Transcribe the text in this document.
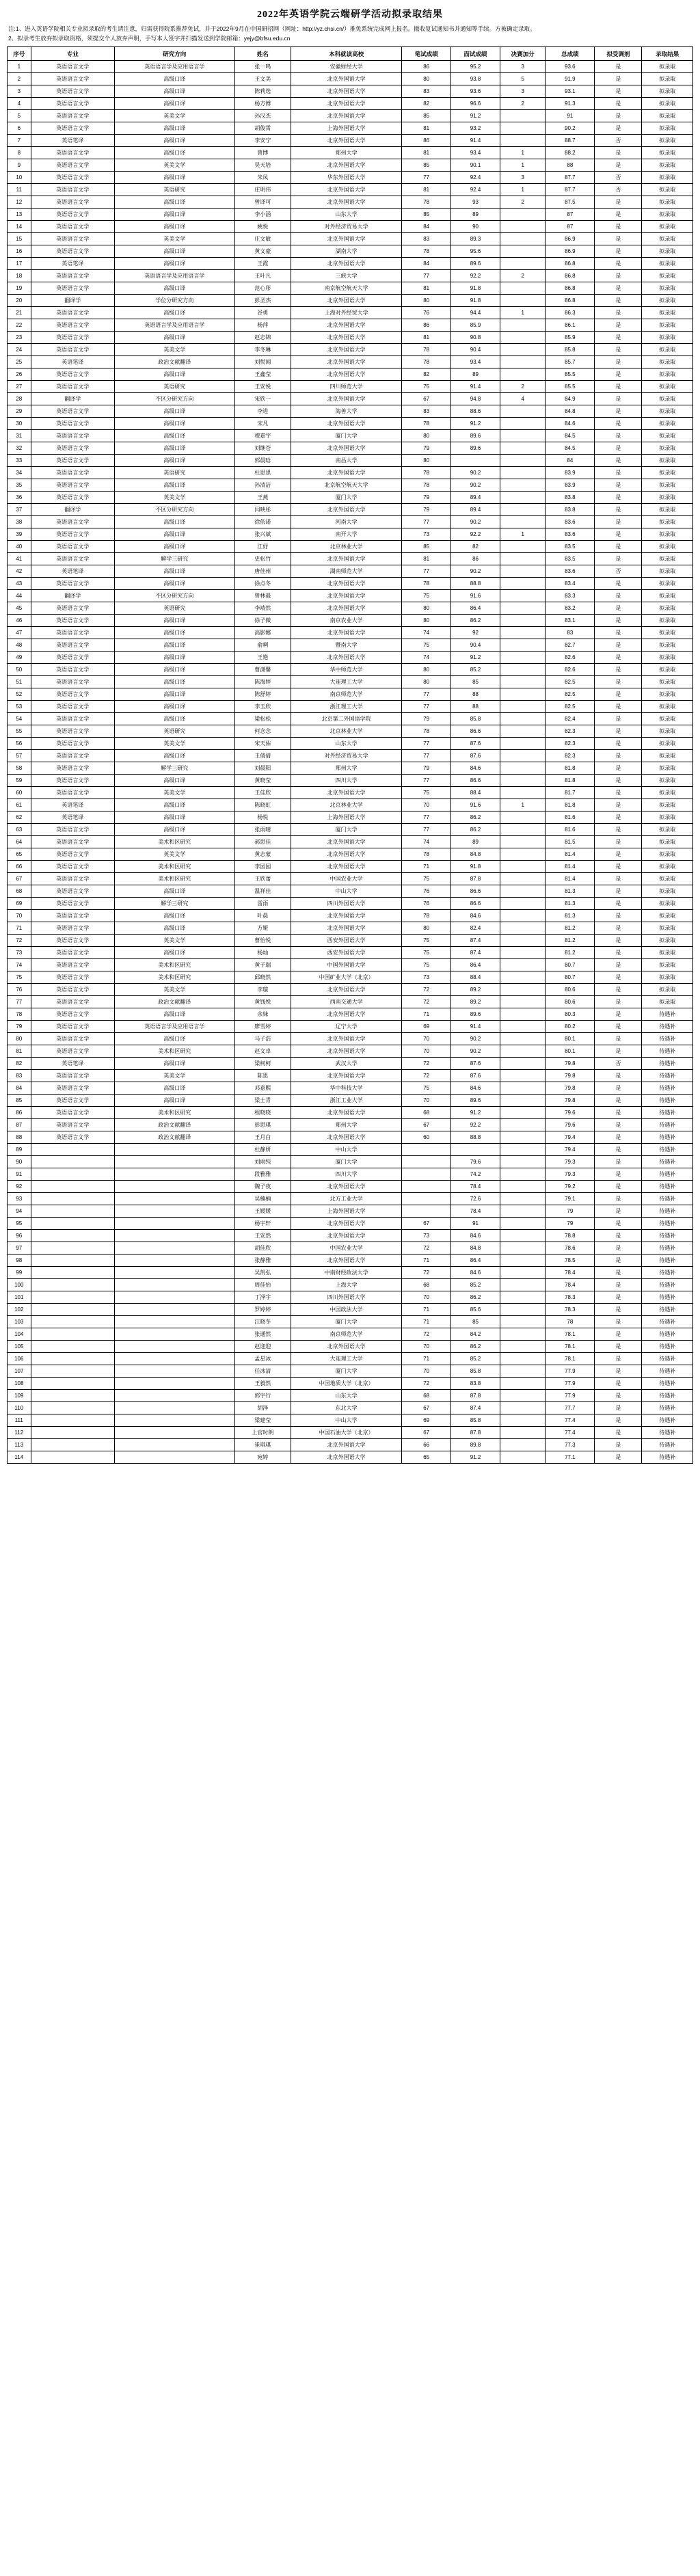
2022年英语学院云端研学活动拟录取结果
注:1、进入英语学院相关专业拟录取的考生请注意，归需获得院系推荐免试，并于2022年9月在中国研招网（网址：http://yz.chsi.cn/）推免系统完成网上报名。撤收复试通知书并通知等手续。方被确定录取。
2、拟录考生放弃拟录取资格，须提交个人放弃声明，手写本人签字并扫描发送到学院邮箱：yejy@bfsu.edu.cn
序号	专业	研究方向	姓名	本科就读高校	笔试成绩	面试成绩	决赛加分	总成绩	拟受调剂	录取结果
1	英语语言文学	英语语言学及应用语言学	张一鸣	安徽财经大学	86	95.2	3	93.6	是	拟录取
2	英语语言文学	高级口译	王文美	北京外国语大学	80	93.8	5	91.9	是	拟录取
3	英语语言文学	高级口译	陈莉选	北京外国语大学	83	93.6	3	93.1	是	拟录取
4	英语语言文学	高级口译	杨方博	北京外国语大学	82	96.6	2	91.3	是	拟录取
5	英语语言文学	英美文学	孙汉杰	北京外国语大学	85	91.2		91	是	拟录取
6	英语语言文学	高级口译	胡俊霄	上海外国语大学	81	93.2		90.2	是	拟录取
7	英语笔译	高级口译	李安宁	北京外国语大学	86	91.4		88.7	否	拟录取
8	英语语言文学	高级口译	曾博	郑州大学	81	93.4	1	88.2	是	拟录取
9	英语语言文学	英美文学	吴天培	北京外国语大学	85	90.1	1	88	是	拟录取
10	英语语言文学	高级口译	朱凤	华东外国语大学	77	92.4	3	87.7	否	拟录取
11	英语语言文学	英语研究	庄明伟	北京外国语大学	81	92.4	1	87.7	否	拟录取
12	英语语言文学	高级口译	曾译可	北京外国语大学	78	93	2	87.5	是	拟录取
13	英语语言文学	高级口译	李小涵	山东大学	85	89		87	是	拟录取
14	英语语言文学	高级口译	姚悦	对外经济贸易大学	84	90		87	是	拟录取
15	英语语言文学	英美文学	庄文敏	北京外国语大学	83	89.3		86.9	是	拟录取
16	英语语言文学	高级口译	黄文豪	湖南大学	78	95.6		86.9	是	拟录取
17	英语笔译	高级口译	王霞	北京外国语大学	84	89.6		86.8	是	拟录取
18	英语语言文学	英语语言学及应用语言学	王叶凡	三峡大学	77	92.2	2	86.8	是	拟录取
19	英语语言文学	高级口译	范心彤	南京航空航天大学	81	91.8		86.8	是	拟录取
20	翻译学	学位分研究方向	彭圣杰	北京外国语大学	80	91.8		86.8	是	拟录取
21	英语语言文学	高级口译	谷勇	上海对外经贸大学	76	94.4	1	86.3	是	拟录取
22	英语语言文学	英语语言学及应用语言学	杨萍	北京外国语大学	86	85.9		86.1	是	拟录取
23	英语语言文学	高级口译	赵志锦	北京外国语大学	81	90.8		85.9	是	拟录取
24	英语语言文学	英美文学	李冬琳	北京外国语大学	78	90.4		85.8	是	拟录取
25	英语笔译	政治文献翻译	刘悦闻	北京外国语大学	78	93.4		85.7	是	拟录取
26	英语语言文学	高级口译	王鑫莹	北京外国语大学	82	89		85.5	是	拟录取
27	英语语言文学	英语研究	王安悦	四川师范大学	75	91.4	2	85.5	是	拟录取
28	翻译学	不区分研究方向	宋欣一	北京外国语大学	67	94.8	4	84.9	是	拟录取
29	英语语言文学	高级口译	李进	海善大学	83	88.6		84.8	是	拟录取
30	英语语言文学	高级口译	宋凡	北京外国语大学	78	91.2		84.6	是	拟录取
31	英语语言文学	高级口译	穆嘉宇	厦门大学	80	89.6		84.5	是	拟录取
32	英语语言文学	高级口译	刘继苍	北京外国语大学	79	89.6		84.5	是	拟录取
33	英语语言文学	高级口译	郭晨晗	南昌大学	80			84	是	拟录取
34	英语语言文学	英语研究	杜思思	北京外国语大学	78	90.2		83.9	是	拟录取
35	英语语言文学	高级口译	孙清洁	北京航空航天大学	78	90.2		83.9	是	拟录取
36	英语语言文学	英美文学	王燕	厦门大学	79	89.4		83.8	是	拟录取
37	翻译学	不区分研究方向	闫映彤	北京外国语大学	79	89.4		83.8	是	拟录取
38	英语语言文学	高级口译	徐依诺	河南大学	77	90.2		83.6	是	拟录取
39	英语语言文学	高级口译	张兴斌	南开大学	73	92.2	1	83.6	是	拟录取
40	英语语言文学	高级口译	江妤	北京林业大学	85	82		83.5	是	拟录取
41	英语语言文学	解学三研究	史松竹	北京外国语大学	81	86		83.5	是	拟录取
42	英语笔译	高级口译	唐佳州	湖南师范大学	77	90.2		83.6	否	拟录取
43	英语语言文学	高级口译	徐点冬	北京外国语大学	78	88.8		83.4	是	拟录取
44	翻译学	不区分研究方向	曾林毅	北京外国语大学	75	91.6		83.3	是	拟录取
45	英语语言文学	英语研究	李靖然	北京外国语大学	80	86.4		83.2	是	拟录取
46	英语语言文学	高级口译	徐子微	南京农业大学	80	86.2		83.1	是	拟录取
47	英语语言文学	高级口译	高影娜	北京外国语大学	74	92		83	是	拟录取
48	英语语言文学	高级口译	俞啊	暨南大学	75	90.4		82.7	是	拟录取
49	英语语言文学	高级口译	王艳	北京外国语大学	74	91.2		82.6	是	拟录取
50	英语语言文学	高级口译	曹潇馨	华中师范大学	80	85.2		82.6	是	拟录取
51	英语语言文学	高级口译	陈海婷	大连理工大学	80	85		82.5	是	拟录取
52	英语语言文学	高级口译	陈舒婷	南京师范大学	77	88		82.5	是	拟录取
53	英语语言文学	高级口译	李玉欣	浙江理工大学	77	88		82.5	是	拟录取
54	英语语言文学	高级口译	梁松松	北京第二外国语学院	79	85.8		82.4	是	拟录取
55	英语语言文学	英语研究	何念念	北京林业大学	78	86.6		82.3	是	拟录取
56	英语语言文学	英美文学	宋天佑	山东大学	77	87.6		82.3	是	拟录取
57	英语语言文学	高级口译	王倩倩	对外经济贸易大学	77	87.6		82.3	是	拟录取
58	英语语言文学	解学三研究	刘晨阳	郑州大学	79	84.6		81.8	是	拟录取
59	英语语言文学	高级口译	黄晓莹	四川大学	77	86.6		81.8	是	拟录取
60	英语语言文学	英美文学	王佳欣	北京外国语大学	75	88.4		81.7	是	拟录取
61	英语笔译	高级口译	陈晓虹	北京林业大学	70	91.6	1	81.8	是	拟录取
62	英语笔译	高级口译	杨悦	上海外国语大学	77	86.2		81.6	是	拟录取
63	英语语言文学	高级口译	张雨晴	厦门大学	77	86.2		81.6	是	拟录取
64	英语语言文学	美术和区研究	郝思佳	北京外国语大学	74	89		81.5	是	拟录取
65	英语语言文学	英美文学	黄志蒙	北京外国语大学	78	84.8		81.4	是	拟录取
66	英语语言文学	美术和区研究	李园园	北京外国语大学	71	91.8		81.4	是	拟录取
67	英语语言文学	美术和区研究	王欣蕾	中国农业大学	75	87.8		81.4	是	拟录取
68	英语语言文学	高级口译	温祥佳	中山大学	76	86.6		81.3	是	拟录取
69	英语语言文学	解学三研究	雷雨	四川外国语大学	76	86.6		81.3	是	拟录取
70	英语语言文学	高级口译	叶晨	北京外国语大学	78	84.6		81.3	是	拟录取
71	英语语言文学	高级口译	方娅	北京外国语大学	80	82.4		81.2	是	拟录取
72	英语语言文学	英美文学	曹怡悦	西安外国语大学	75	87.4		81.2	是	拟录取
73	英语语言文学	高级口译	杨灿	西安外国语大学	75	87.4		81.2	是	拟录取
74	英语语言文学	美术和区研究	黄子瑞	中国外国语大学	75	86.4		80.7	是	拟录取
75	英语语言文学	美术和区研究	邱晓然	中国矿业大学（北京）	73	88.4		80.7	是	拟录取
76	英语语言文学	英美文学	李璇	北京外国语大学	72	89.2		80.6	是	拟录取
77	英语语言文学	政治文献翻译	黄钱悦	西南交通大学	72	89.2		80.6	是	拟录取
78	英语语言文学	高级口译	余妹	北京外国语大学	71	89.6		80.3	是	待遇补
79	英语语言文学	英语语言学及应用语言学	廖雪婷	辽宁大学	69	91.4		80.2	是	待遇补
80	英语语言文学	高级口译	马子浩	北京外国语大学	70	90.2		80.1	是	待遇补
81	英语语言文学	美术和区研究	赵文卓	北京外国语大学	70	90.2		80.1	是	待遇补
82	英语笔译	高级口译	梁柯柯	武汉大学	72	87.6		79.8	否	待遇补
83	英语语言文学	英美文学	陈思	北京外国语大学	72	87.6		79.8	是	待遇补
84	英语语言文学	高级口译	邓嘉熙	华中科技大学	75	84.6		79.8	是	待遇补
85	英语语言文学	高级口译	梁士青	浙江工业大学	70	89.6		79.8	是	待遇补
86	英语语言文学	美术和区研究	程晓晓	北京外国语大学	68	91.2		79.6	是	待遇补
87	英语语言文学	政治文献翻译	彭思琪	郑州大学	67	92.2		79.6	是	待遇补
88	英语语言文学	政治文献翻译	王月白	北京外国语大学	60	88.8		79.4	是	待遇补
89			杜静妍	中山大学				79.4	是	待遇补
90			刘雨纯	厦门大学		79.6		79.3	是	待遇补
91			段雅雅	四川大学		74.2		79.3	是	待遇补
92			魏子夜	北京外国语大学		78.4		79.2	是	待遇补
93			吴楠楠	北方工业大学		72.6		79.1	是	待遇补
94			王媛媛	上海外国语大学		78.4		79	是	待遇补
95			杨宇轩	北京外国语大学	67	91		79	是	待遇补
96			王安然	北京外国语大学	73	84.6		78.8	是	待遇补
97			胡佳欣	中国农业大学	72	84.8		78.6	是	待遇补
98			张静雅	北京外国语大学	71	86.4		78.5	是	待遇补
99			吴凯弘	中南财经政法大学	72	84.6		78.4	是	待遇补
100			周佳怡	上海大学	68	85.2		78.4	是	待遇补
101			丁泽宇	四川外国语大学	70	86.2		78.3	是	待遇补
102			罗婷婷	中国政法大学	71	85.6		78.3	是	待遇补
103			江晓冬	厦门大学	71	85		78	是	待遇补
104			张通然	南京师范大学	72	84.2		78.1	是	待遇补
105			赵迎迎	北京外国语大学	70	86.2		78.1	是	待遇补
106			孟星冰	大连理工大学	71	85.2		78.1	是	待遇补
107			任冰清	厦门大学	70	85.8		77.9	是	待遇补
108			王毅然	中国地质大学（北京）	72	83.8		77.9	是	待遇补
109			郭宇行	山东大学	68	87.8		77.9	是	待遇补
110			胡泽	东北大学	67	87.4		77.7	是	待遇补
111			梁建莹	中山大学	69	85.8		77.4	是	待遇补
112			上官时朗	中国石油大学（北京）	67	87.8		77.4	是	待遇补
113			崔琪琪	北京外国语大学	66	89.8		77.3	是	待遇补
114			宛婷	北京外国语大学	65	91.2		77.1	是	待遇补
